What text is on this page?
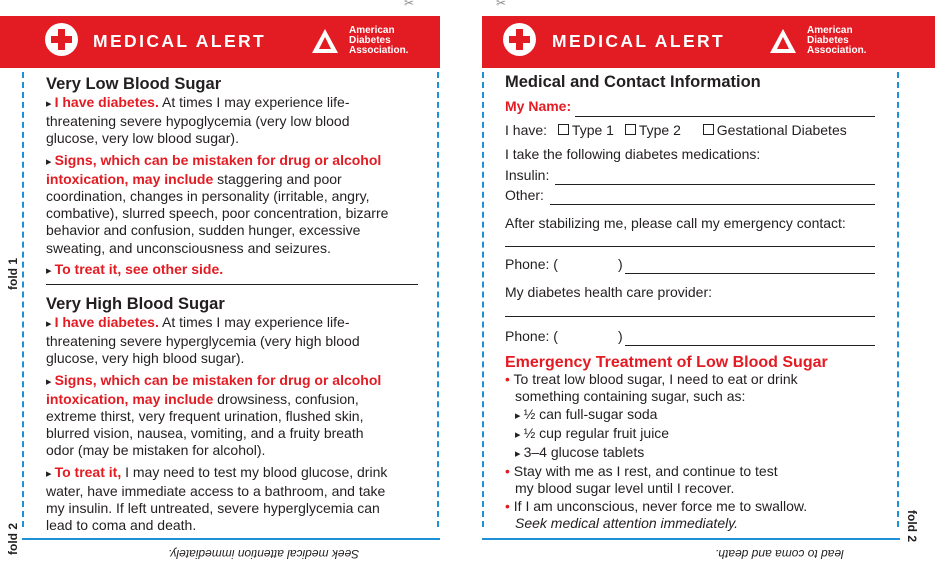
✂
MEDICAL ALERT
American
Diabetes
Association.
fold 1
fold 2
Very Low Blood Sugar

▸ I have diabetes. At times I may experience life-
threatening severe hypoglycemia (very low blood
glucose, very low blood sugar).

▸ Signs, which can be mistaken for drug or alcohol
intoxication, may include staggering and poor
coordination, changes in personality (irritable, angry,
combative), slurred speech, poor concentration, bizarre
behavior and confusion, sudden hunger, excessive
sweating, and unconsciousness and seizures.

▸ To treat it, see other side.

Very High Blood Sugar

▸ I have diabetes. At times I may experience life-
threatening severe hyperglycemia (very high blood
glucose, very high blood sugar).

▸ Signs, which can be mistaken for drug or alcohol
intoxication, may include drowsiness, confusion,
extreme thirst, very frequent urination, flushed skin,
blurred vision, nausea, vomiting, and a fruity breath
odor (may be mistaken for alcohol).

▸ To treat it, I may need to test my blood glucose, drink
water, have immediate access to a bathroom, and take
my insulin. If left untreated, severe hyperglycemia can
lead to coma and death.

Seek medical attention immediately.
✂
MEDICAL ALERT
American
Diabetes
Association.
fold 2
Medical and Contact Information
My Name:
I have: Type 1 Type 2	Gestational Diabetes
I take the following diabetes medications:
Insulin:
Other:
After stabilizing me, please call my emergency contact:
Phone: (	)
My diabetes health care provider:
Phone: (	)
Emergency Treatment of Low Blood Sugar

• To treat low blood sugar, I need to eat or drink
something containing sugar, such as:

▸ ½ can full-sugar soda

▸ ½ cup regular fruit juice

▸ 3–4 glucose tablets

• Stay with me as I rest, and continue to test
my blood sugar level until I recover.

• If I am unconscious, never force me to swallow.
Seek medical attention immediately.

lead to coma and death.
